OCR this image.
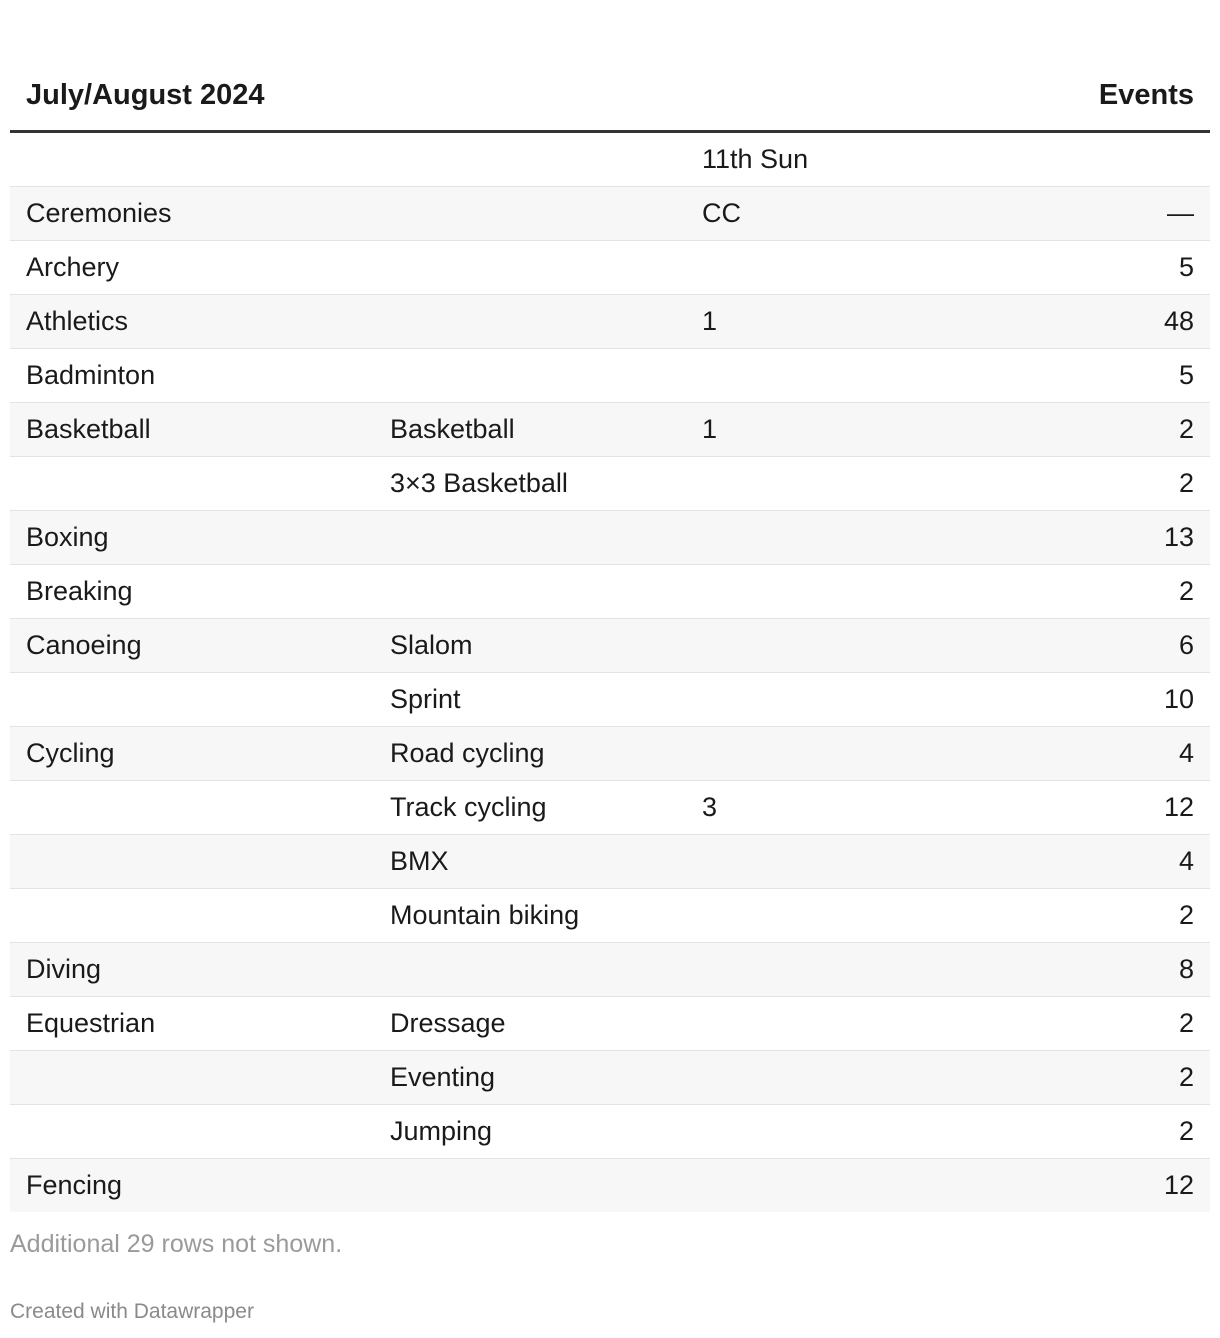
July/August 2024			Events
		11th Sun	
Ceremonies		CC	—
Archery			5
Athletics		1	48
Badminton			5
Basketball	Basketball	1	2
	3×3 Basketball		2
Boxing			13
Breaking			2
Canoeing	Slalom		6
	Sprint		10
Cycling	Road cycling		4
	Track cycling	3	12
	BMX		4
	Mountain biking		2
Diving			8
Equestrian	Dressage		2
	Eventing		2
	Jumping		2
Fencing			12
Additional 29 rows not shown.
Created with Datawrapper
